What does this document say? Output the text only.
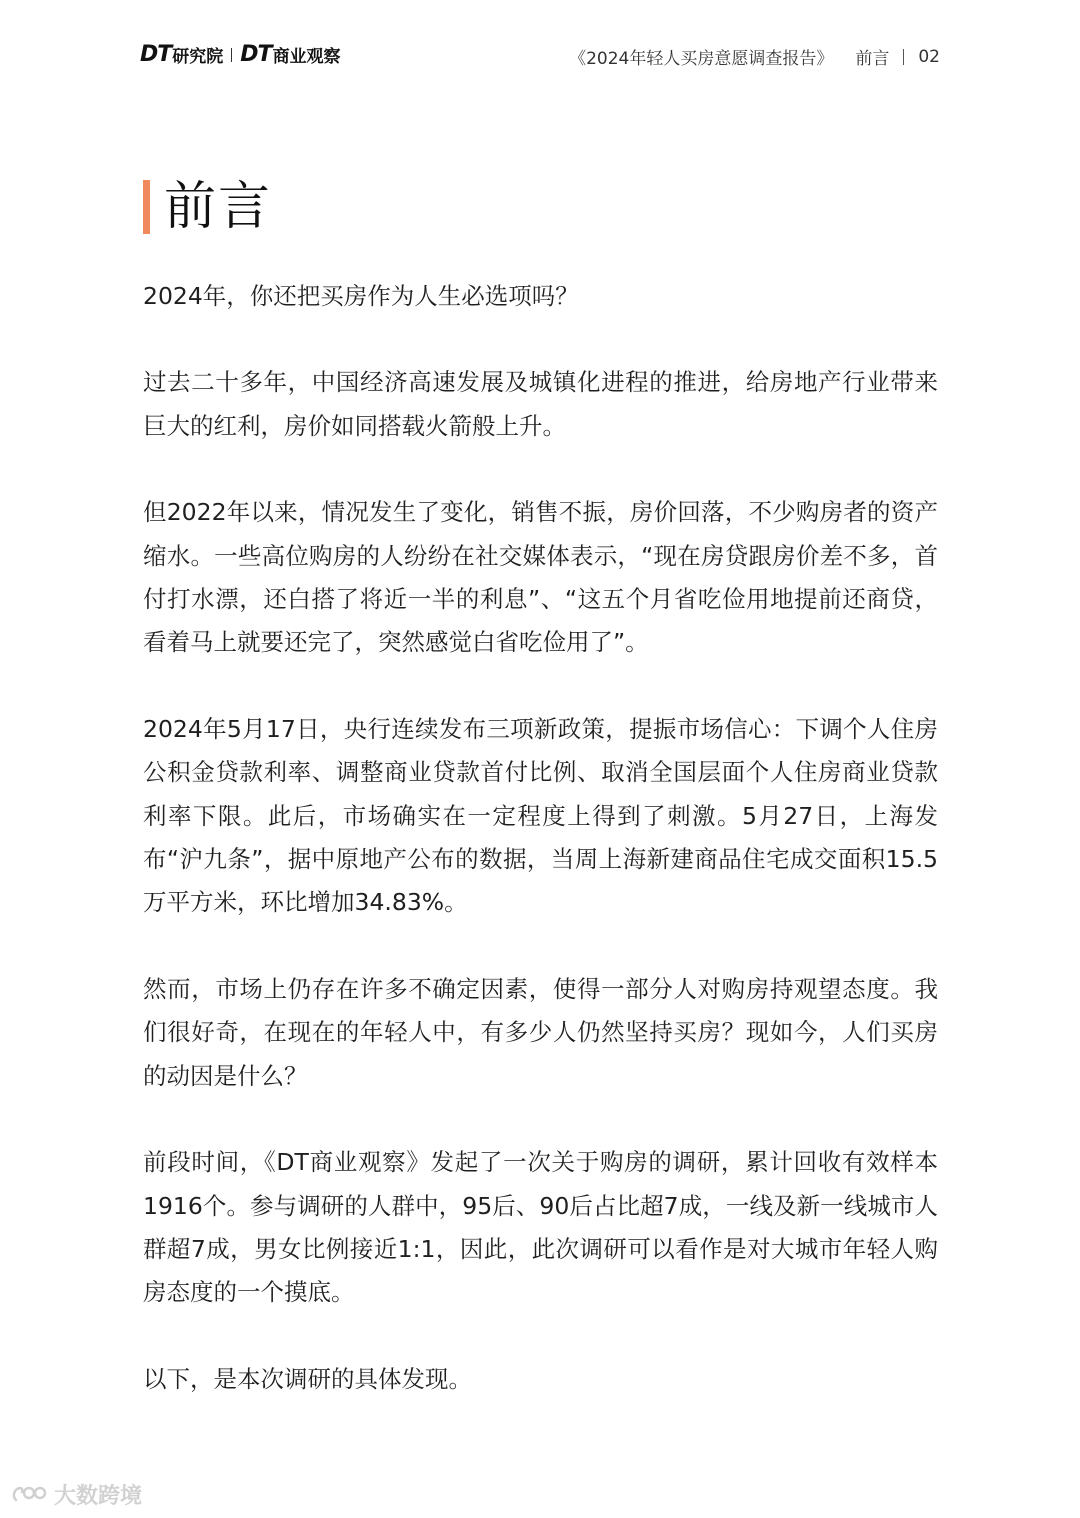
DT 研究院 DT 商业观察	《2024年轻人买房意愿调查报告》 前言 02
前言

2024年，你还把买房作为人生必选项吗？

过去二十多年，中国经济高速发展及城镇化进程的推进，给房地产行业带来巨大的红利，房价如同搭载火箭般上升。

但2022年以来，情况发生了变化，销售不振，房价回落，不少购房者的资产缩水。一些高位购房的人纷纷在社交媒体表示，“现在房贷跟房价差不多，首付打水漂，还白搭了将近一半的利息”、“这五个月省吃俭用地提前还商贷，看着马上就要还完了，突然感觉白省吃俭用了”。

2024年5月17日，央行连续发布三项新政策，提振市场信心：下调个人住房公积金贷款利率、调整商业贷款首付比例、取消全国层面个人住房商业贷款利率下限。此后，市场确实在一定程度上得到了刺激。5月27日，上海发布“沪九条”，据中原地产公布的数据，当周上海新建商品住宅成交面积15.5万平方米，环比增加34.83%。

然而，市场上仍存在许多不确定因素，使得一部分人对购房持观望态度。我们很好奇，在现在的年轻人中，有多少人仍然坚持买房？现如今，人们买房的动因是什么？

前段时间，《DT商业观察》发起了一次关于购房的调研，累计回收有效样本1916个。参与调研的人群中，95后、90后占比超7成，一线及新一线城市人群超7成，男女比例接近1:1，因此，此次调研可以看作是对大城市年轻人购房态度的一个摸底。

以下，是本次调研的具体发现。

大数跨境
